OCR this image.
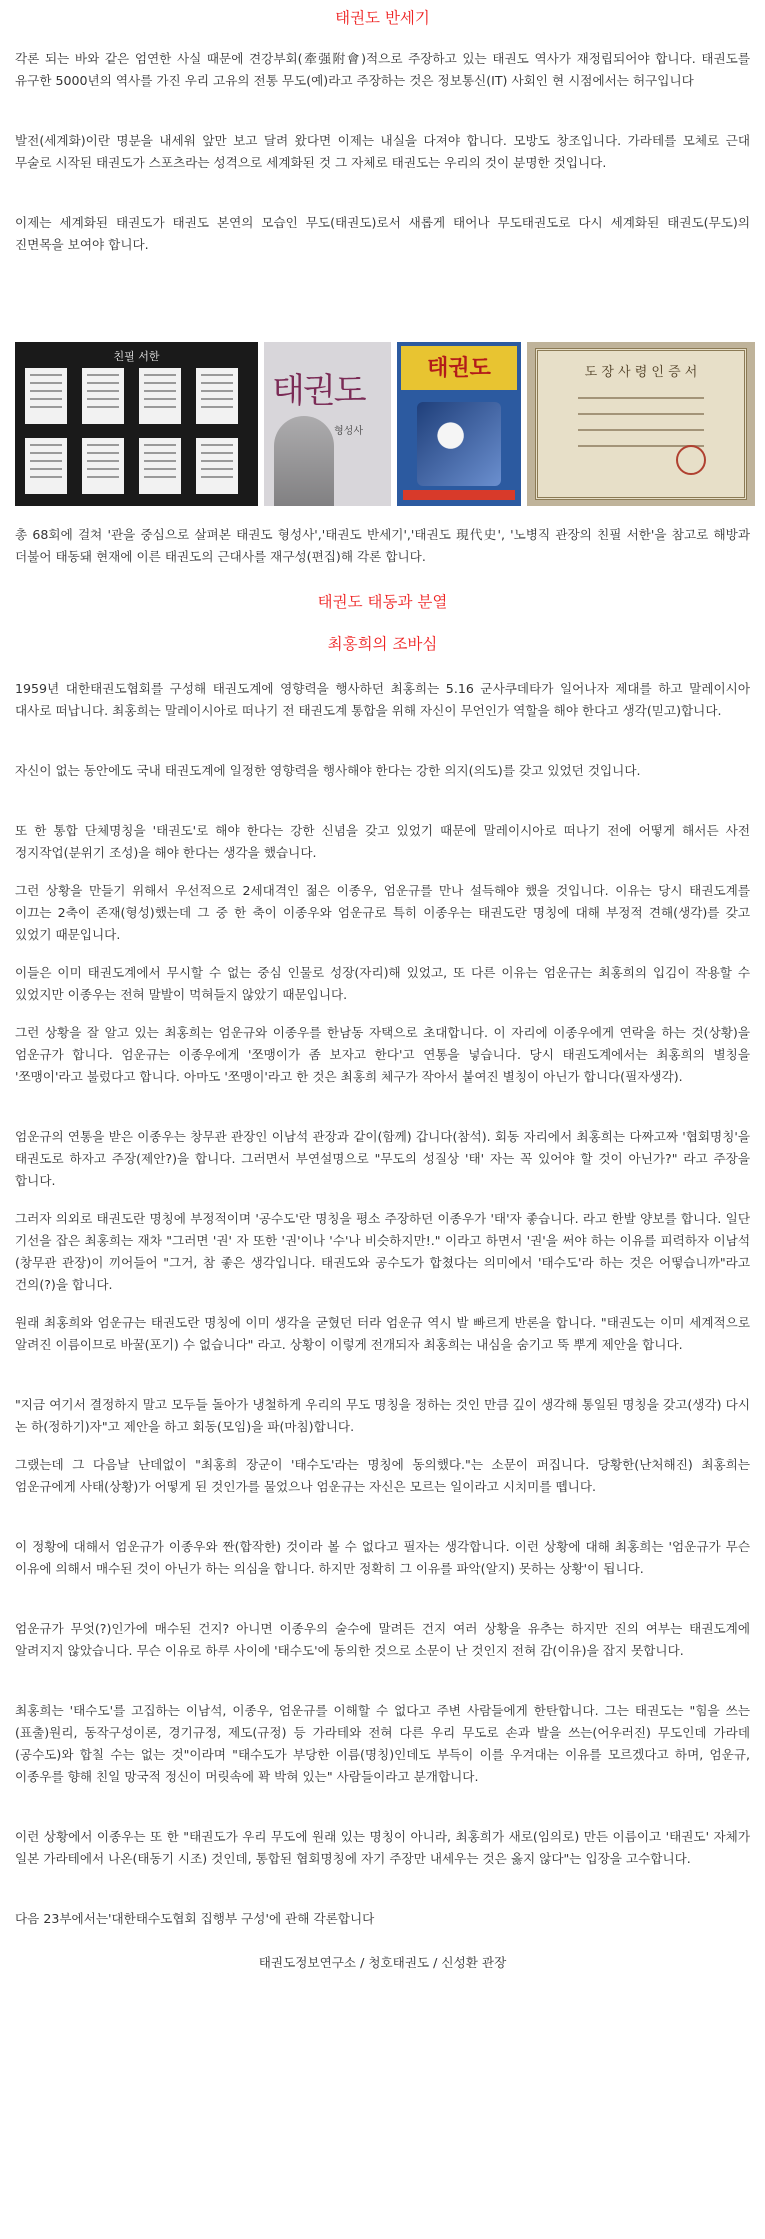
태권도 반세기

각론 되는 바와 같은 엄연한 사실 때문에 견강부회(牽强附會)적으로 주장하고 있는 태권도 역사가 재정립되어야 합니다. 태권도를 유구한 5000년의 역사를 가진 우리 고유의 전통 무도(예)라고 주장하는 것은 정보통신(IT) 사회인 현 시점에서는 허구입니다

발전(세계화)이란 명분을 내세워 앞만 보고 달려 왔다면 이제는 내실을 다져야 합니다. 모방도 창조입니다. 가라테를 모체로 근대 무술로 시작된 태권도가 스포츠라는 성격으로 세계화된 것 그 자체로 태권도는 우리의 것이 분명한 것입니다.

이제는 세계화된 태권도가 태권도 본연의 모습인 무도(태권도)로서 새롭게 태어나 무도태권도로 다시 세계화된 태권도(무도)의 진면목을 보여야 합니다.

친필 서한
태권도
형성사
태권도	도 장 사 령 인 증 서

총 68회에 걸쳐 '관을 중심으로 살펴본 태권도 형성사','태권도 반세기','태권도 現代史', '노병직 관장의 친필 서한'을 참고로 해방과 더불어 태동돼 현재에 이른 태권도의 근대사를 재구성(편집)해 각론 합니다.

태권도 태동과 분열

최홍희의 조바심

1959년 대한태권도협회를 구성해 태권도계에 영향력을 행사하던 최홍희는 5.16 군사쿠데타가 일어나자 제대를 하고 말레이시아 대사로 떠납니다. 최홍희는 말레이시아로 떠나기 전 태권도계 통합을 위해 자신이 무언인가 역할을 해야 한다고 생각(믿고)합니다.

자신이 없는 동안에도 국내 태권도계에 일정한 영향력을 행사해야 한다는 강한 의지(의도)를 갖고 있었던 것입니다.

또 한 통합 단체명칭을 '태권도'로 해야 한다는 강한 신념을 갖고 있었기 때문에 말레이시아로 떠나기 전에 어떻게 해서든 사전 정지작업(분위기 조성)을 해야 한다는 생각을 했습니다.

그런 상황을 만들기 위해서 우선적으로 2세대격인 젊은 이종우, 엄운규를 만나 설득해야 했을 것입니다. 이유는 당시 태권도계를 이끄는 2축이 존재(형성)했는데 그 중 한 축이 이종우와 엄운규로 특히 이종우는 태권도란 명칭에 대해 부정적 견해(생각)를 갖고 있었기 때문입니다.

이들은 이미 태권도계에서 무시할 수 없는 중심 인물로 성장(자리)해 있었고, 또 다른 이유는 엄운규는 최홍희의 입김이 작용할 수 있었지만 이종우는 전혀 말발이 먹혀들지 않았기 때문입니다.

그런 상황을 잘 알고 있는 최홍희는 엄운규와 이종우를 한남동 자택으로 초대합니다. 이 자리에 이종우에게 연락을 하는 것(상황)을 엄운규가 합니다. 엄운규는 이종우에게 '쪼맹이가 좀 보자고 한다'고 연통을 넣습니다. 당시 태권도계에서는 최홍희의 별칭을 '쪼맹이'라고 불렀다고 합니다. 아마도 '쪼맹이'라고 한 것은 최홍희 체구가 작아서 붙여진 별칭이 아닌가 합니다(필자생각).

엄운규의 연통을 받은 이종우는 창무관 관장인 이남석 관장과 같이(함께) 갑니다(참석). 회동 자리에서 최홍희는 다짜고짜 '협회명칭'을 태권도로 하자고 주장(제안?)을 합니다. 그러면서 부연설명으로 "무도의 성질상 '태' 자는 꼭 있어야 할 것이 아닌가?" 라고 주장을 합니다.

그러자 의외로 태권도란 명칭에 부정적이며 '공수도'란 명칭을 평소 주장하던 이종우가 '태'자 좋습니다. 라고 한발 양보를 합니다. 일단 기선을 잡은 최홍희는 재차 "그러면 '권' 자 또한 '권'이나 '수'나 비슷하지만!." 이라고 하면서 '권'을 써야 하는 이유를 피력하자 이남석(창무관 관장)이 끼어들어 "그거, 참 좋은 생각입니다. 태권도와 공수도가 합쳤다는 의미에서 '태수도'라 하는 것은 어떻습니까"라고 건의(?)을 합니다.

원래 최홍희와 엄운규는 태권도란 명칭에 이미 생각을 굳혔던 터라 엄운규 역시 발 빠르게 반론을 합니다. "태권도는 이미 세계적으로 알려진 이름이므로 바꿀(포기) 수 없습니다" 라고. 상황이 이렇게 전개되자 최홍희는 내심을 숨기고 뚝 뿌게 제안을 합니다.

"지금 여기서 결정하지 말고 모두들 돌아가 냉철하게 우리의 무도 명칭을 정하는 것인 만큼 깊이 생각해 통일된 명칭을 갖고(생각) 다시 논 하(정하기)자"고 제안을 하고 회동(모임)을 파(마침)합니다.

그랬는데 그 다음날 난데없이 "최홍희 장군이 '태수도'라는 명칭에 동의했다."는 소문이 퍼집니다. 당황한(난처해진) 최홍희는 엄운규에게 사태(상황)가 어떻게 된 것인가를 물었으나 엄운규는 자신은 모르는 일이라고 시치미를 뗍니다.

이 정황에 대해서 엄운규가 이종우와 짠(합작한) 것이라 볼 수 없다고 필자는 생각합니다. 이런 상황에 대해 최홍희는 '엄운규가 무슨 이유에 의해서 매수된 것이 아닌가 하는 의심을 합니다. 하지만 정확히 그 이유를 파악(알지) 못하는 상황'이 됩니다.

엄운규가 무엇(?)인가에 매수된 건지? 아니면 이종우의 술수에 말려든 건지 여러 상황을 유추는 하지만 진의 여부는 태권도계에 알려지지 않았습니다. 무슨 이유로 하루 사이에 '태수도'에 동의한 것으로 소문이 난 것인지 전혀 감(이유)을 잡지 못합니다.

최홍희는 '태수도'를 고집하는 이남석, 이종우, 엄운규를 이해할 수 없다고 주변 사람들에게 한탄합니다. 그는 태권도는 "힘을 쓰는(표출)원리, 동작구성이론, 경기규정, 제도(규정) 등 가라테와 전혀 다른 우리 무도로 손과 발을 쓰는(어우러진) 무도인데 가라데(공수도)와 합칠 수는 없는 것"이라며 "태수도가 부당한 이름(명칭)인데도 부득이 이를 우겨대는 이유를 모르겠다고 하며, 엄운규, 이종우를 향해 친일 망국적 정신이 머릿속에 꽉 박혀 있는" 사람들이라고 분개합니다.

이런 상황에서 이종우는 또 한 "태권도가 우리 무도에 원래 있는 명칭이 아니라, 최홍희가 새로(임의로) 만든 이름이고 '태권도' 자체가 일본 가라테에서 나온(태동기 시조) 것인데, 통합된 협회명칭에 자기 주장만 내세우는 것은 옳지 않다"는 입장을 고수합니다.

다음 23부에서는'대한태수도협회 집행부 구성'에 관해 각론합니다

태권도정보연구소 / 청호태권도 / 신성환 관장
